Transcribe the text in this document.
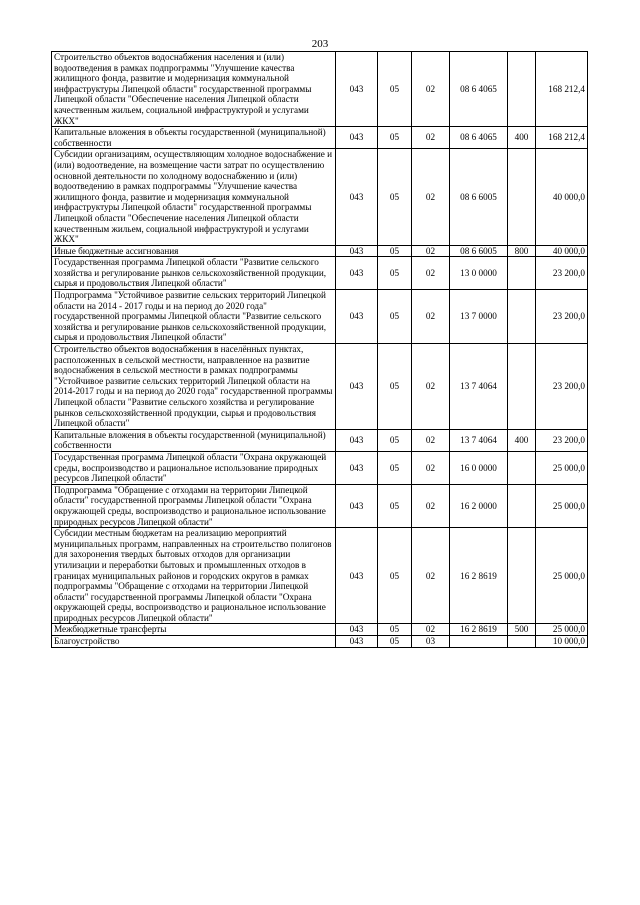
203
Строительство объектов водоснабжения населения и (или) водоотведения в рамках подпрограммы "Улучшение качества жилищного фонда, развитие и модернизация коммунальной инфраструктуры Липецкой области" государственной программы Липецкой области "Обеспечение населения Липецкой области качественным жильем, социальной инфраструктурой и услугами ЖКХ"	043	05	02	08 6 4065		168 212,4
Капитальные вложения в объекты государственной (муниципальной) собственности	043	05	02	08 6 4065	400	168 212,4
Субсидии организациям, осуществляющим холодное водоснабжение и (или) водоотведение, на возмещение части затрат по осуществлению основной деятельности по холодному водоснабжению и (или) водоотведению в рамках подпрограммы "Улучшение качества жилищного фонда, развитие и модернизация коммунальной инфраструктуры Липецкой области" государственной программы Липецкой области "Обеспечение населения Липецкой области качественным жильем, социальной инфраструктурой и услугами ЖКХ"	043	05	02	08 6 6005		40 000,0
Иные бюджетные ассигнования	043	05	02	08 6 6005	800	40 000,0
Государственная программа Липецкой области "Развитие сельского хозяйства и регулирование рынков сельскохозяйственной продукции, сырья и продовольствия Липецкой области"	043	05	02	13 0 0000		23 200,0
Подпрограмма "Устойчивое развитие сельских территорий Липецкой области на 2014 - 2017 годы и на период до 2020 года" государственной программы Липецкой области "Развитие сельского хозяйства и регулирование рынков сельскохозяйственной продукции, сырья и продовольствия Липецкой области"	043	05	02	13 7 0000		23 200,0
Строительство объектов водоснабжения в населённых пунктах, расположенных в сельской местности, направленное на развитие водоснабжения в сельской местности в рамках подпрограммы "Устойчивое развитие сельских территорий Липецкой области на 2014-2017 годы и на период до 2020 года" государственной программы Липецкой области "Развитие сельского хозяйства и регулирование рынков сельскохозяйственной продукции, сырья и продовольствия Липецкой области"	043	05	02	13 7 4064		23 200,0
Капитальные вложения в объекты государственной (муниципальной) собственности	043	05	02	13 7 4064	400	23 200,0
Государственная программа Липецкой области "Охрана окружающей среды, воспроизводство и рациональное использование природных ресурсов Липецкой области"	043	05	02	16 0 0000		25 000,0
Подпрограмма "Обращение с отходами на территории Липецкой области" государственной программы Липецкой области "Охрана окружающей среды, воспроизводство и рациональное использование природных ресурсов Липецкой области"	043	05	02	16 2 0000		25 000,0
Субсидии местным бюджетам на реализацию мероприятий муниципальных программ, направленных на строительство полигонов для захоронения твердых бытовых отходов для организации утилизации и переработки бытовых и промышленных отходов в границах муниципальных районов и городских округов в рамках подпрограммы "Обращение с отходами на территории Липецкой области" государственной программы Липецкой области "Охрана окружающей среды, воспроизводство и рациональное использование природных ресурсов Липецкой области"	043	05	02	16 2 8619		25 000,0
Межбюджетные трансферты	043	05	02	16 2 8619	500	25 000,0
Благоустройство	043	05	03			10 000,0
